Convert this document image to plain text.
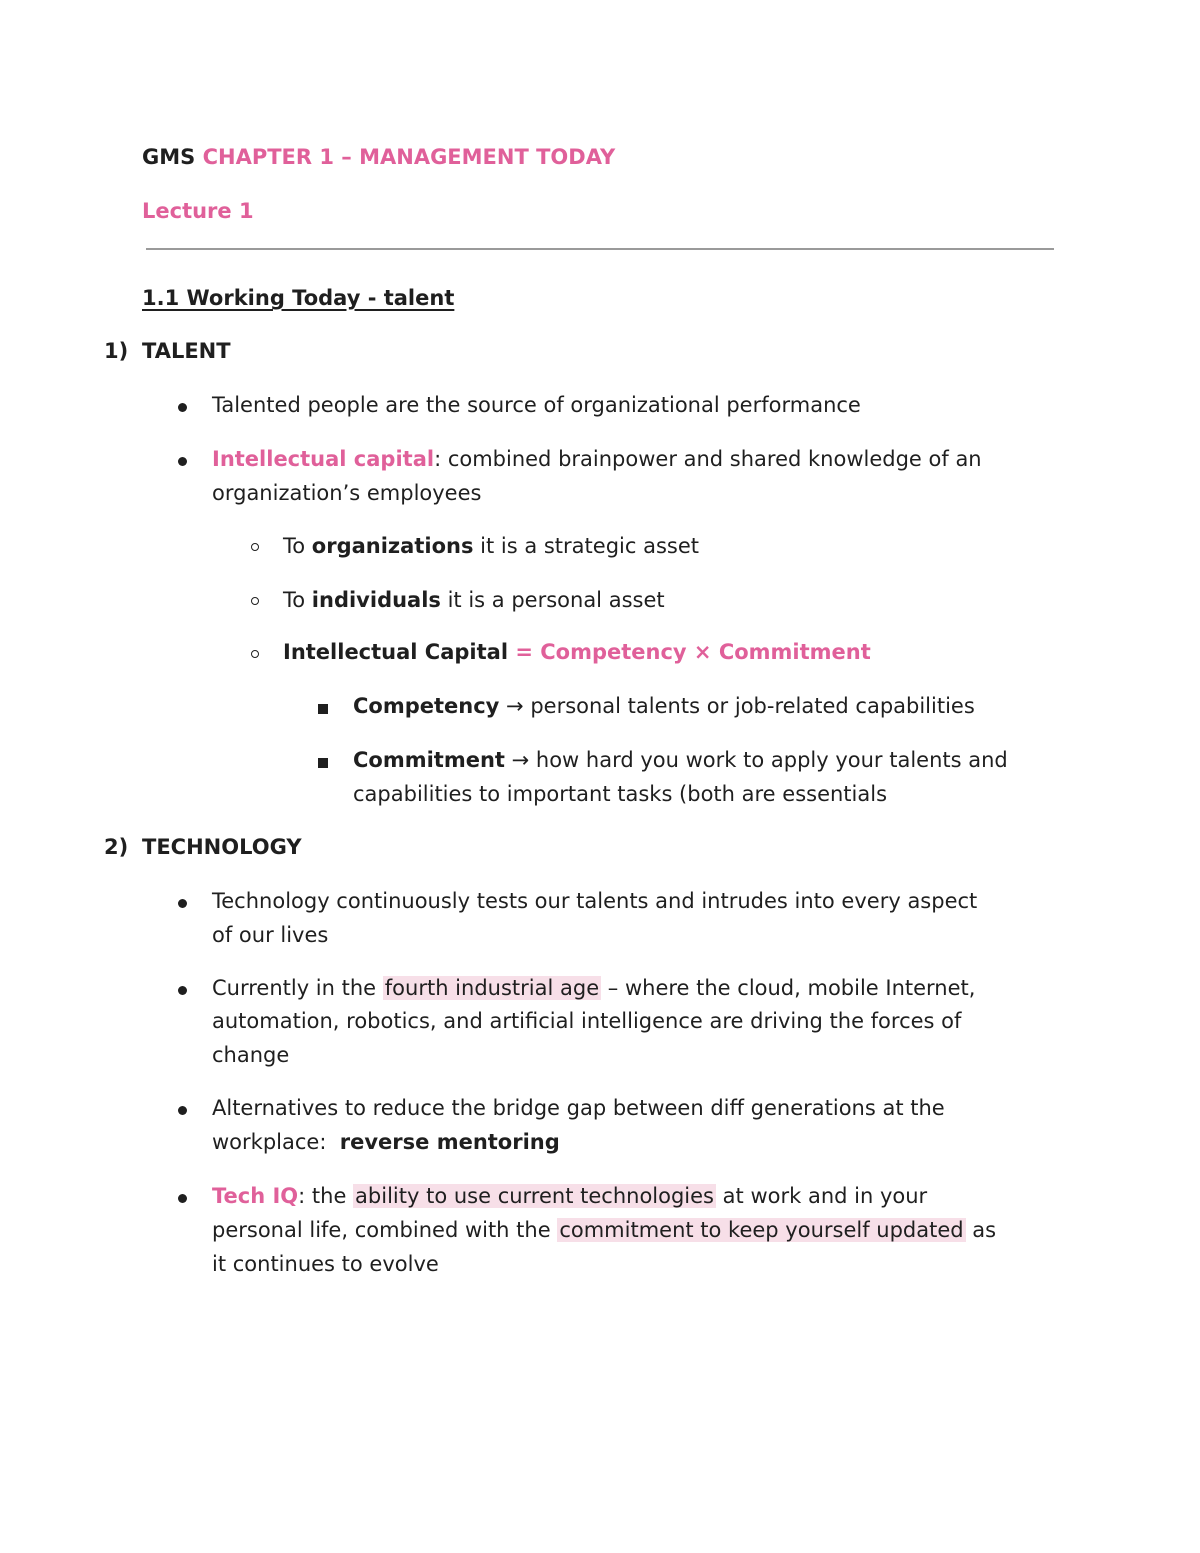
GMS CHAPTER 1 – MANAGEMENT TODAY
Lecture 1
1.1 Working Today - talent
1) TALENT
Talented people are the source of organizational performance
Intellectual capital: combined brainpower and shared knowledge of an
organization’s employees
To organizations it is a strategic asset
To individuals it is a personal asset
Intellectual Capital = Competency × Commitment
Competency → personal talents or job-related capabilities
Commitment → how hard you work to apply your talents and
capabilities to important tasks (both are essentials
2) TECHNOLOGY
Technology continuously tests our talents and intrudes into every aspect
of our lives
Currently in the fourth industrial age – where the cloud, mobile Internet,
automation, robotics, and artificial intelligence are driving the forces of
change
Alternatives to reduce the bridge gap between diff generations at the
workplace:  reverse mentoring
Tech IQ: the ability to use current technologies at work and in your
personal life, combined with the commitment to keep yourself updated as
it continues to evolve
